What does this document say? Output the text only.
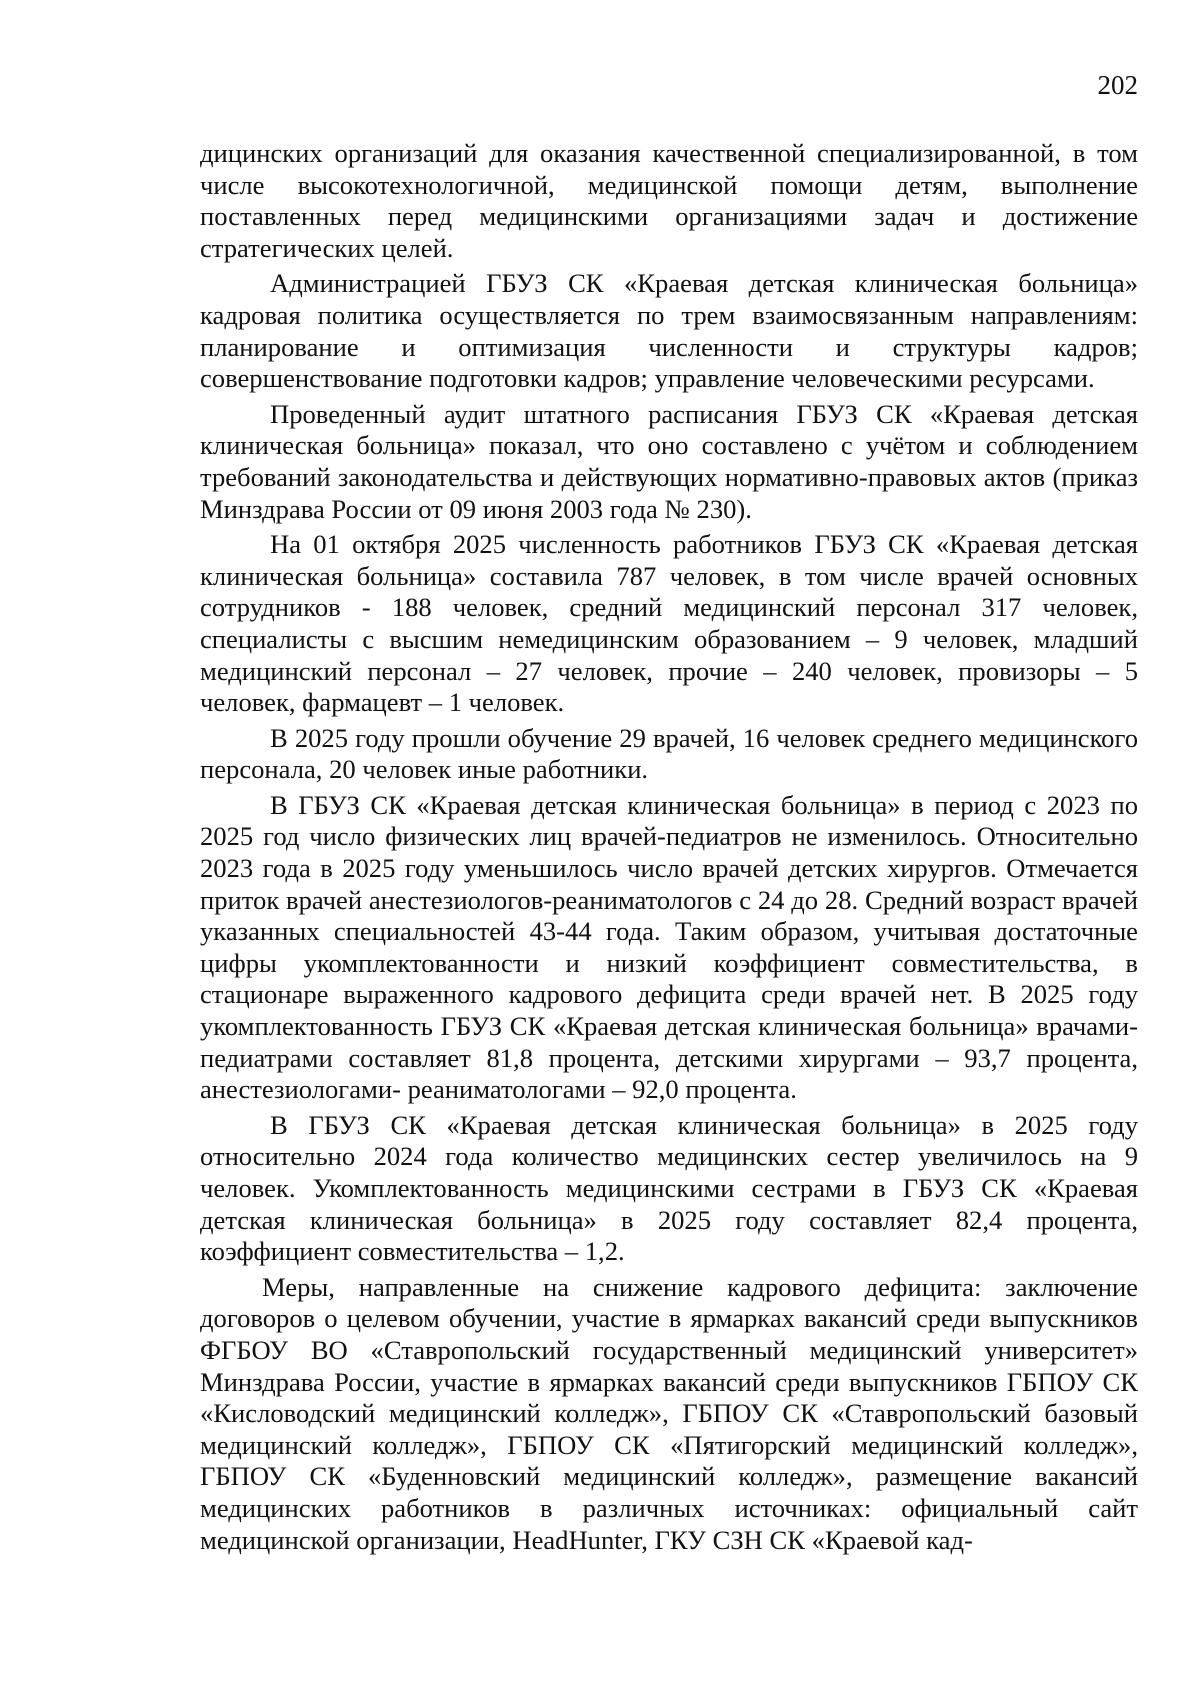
202

дицинских организаций для оказания качественной специализированной, в том числе высокотехнологичной, медицинской помощи детям, выполнение поставленных перед медицинскими организациями задач и достижение стратегических целей.

Администрацией ГБУЗ СК «Краевая детская клиническая больница» кадровая политика осуществляется по трем взаимосвязанным направлениям: планирование и оптимизация численности и структуры кадров; совершенствование подготовки кадров; управление человеческими ресурсами.

Проведенный аудит штатного расписания ГБУЗ СК «Краевая детская клиническая больница» показал, что оно составлено с учётом и соблюдением требований законодательства и действующих нормативно-правовых актов (приказ Минздрава России от 09 июня 2003 года № 230).

На 01 октября 2025 численность работников ГБУЗ СК «Краевая детская клиническая больница» составила 787 человек, в том числе врачей основных сотрудников - 188 человек, средний медицинский персонал 317 человек, специалисты с высшим немедицинским образованием – 9 человек, младший медицинский персонал – 27 человек, прочие – 240 человек, провизоры – 5 человек, фармацевт – 1 человек.

В 2025 году прошли обучение 29 врачей, 16 человек среднего медицинского персонала, 20 человек иные работники.

В ГБУЗ СК «Краевая детская клиническая больница» в период с 2023 по 2025 год число физических лиц врачей-педиатров не изменилось. Относительно 2023 года в 2025 году уменьшилось число врачей детских хирургов. Отмечается приток врачей анестезиологов-реаниматологов с 24 до 28. Средний возраст врачей указанных специальностей 43-44 года. Таким образом, учитывая достаточные цифры укомплектованности и низкий коэффициент совместительства, в стационаре выраженного кадрового дефицита среди врачей нет. В 2025 году укомплектованность ГБУЗ СК «Краевая детская клиническая больница» врачами-педиатрами составляет 81,8 процента, детскими хирургами – 93,7 процента, анестезиологами- реаниматологами – 92,0 процента.

В ГБУЗ СК «Краевая детская клиническая больница» в 2025 году относительно 2024 года количество медицинских сестер увеличилось на 9 человек. Укомплектованность медицинскими сестрами в ГБУЗ СК «Краевая детская клиническая больница» в 2025 году составляет 82,4 процента, коэффициент совместительства – 1,2.

Меры, направленные на снижение кадрового дефицита: заключение договоров о целевом обучении, участие в ярмарках вакансий среди выпускников ФГБОУ ВО «Ставропольский государственный медицинский университет» Минздрава России, участие в ярмарках вакансий среди выпускников ГБПОУ СК «Кисловодский медицинский колледж», ГБПОУ СК «Ставропольский базовый медицинский колледж», ГБПОУ СК «Пятигорский медицинский колледж», ГБПОУ СК «Буденновский медицинский колледж», размещение вакансий медицинских работников в различных источниках: официальный сайт медицинской организации, HeadHunter, ГКУ СЗН СК «Краевой кад-
